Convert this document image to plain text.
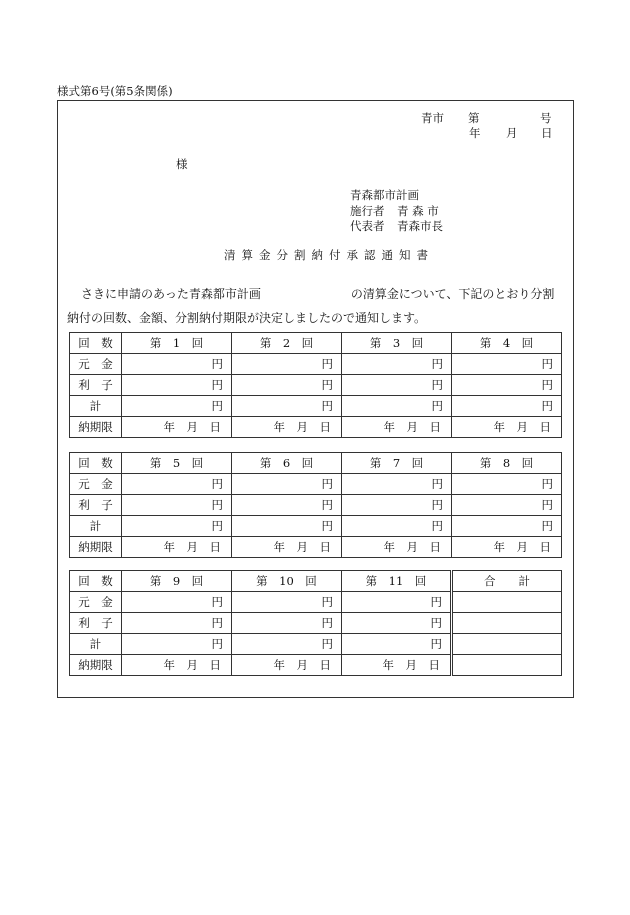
様式第6号(第5条関係)
青市 第	号
年 月 日
様
青森都市計画
施行者 青 森 市
代表者 青森市長
清算金分割納付承認通知書
さきに申請のあった青森都市計画	の清算金について、下記のとおり分割
納付の回数、金額、分割納付期限が決定しましたので通知します。
回　数	第　1　回	第　2　回	第　3　回	第　4　回
元　金	円	円	円	円
利　子	円	円	円	円
計	円	円	円	円
納期限	年　月　日	年　月　日	年　月　日	年　月　日
回　数	第　5　回	第　6　回	第　7　回	第　8　回
元　金	円	円	円	円
利　子	円	円	円	円
計	円	円	円	円
納期限	年　月　日	年　月　日	年　月　日	年　月　日
回　数	第　9　回	第　10　回	第　11　回	合　　計
元　金	円	円	円	
利　子	円	円	円	
計	円	円	円	
納期限	年　月　日	年　月　日	年　月　日	
